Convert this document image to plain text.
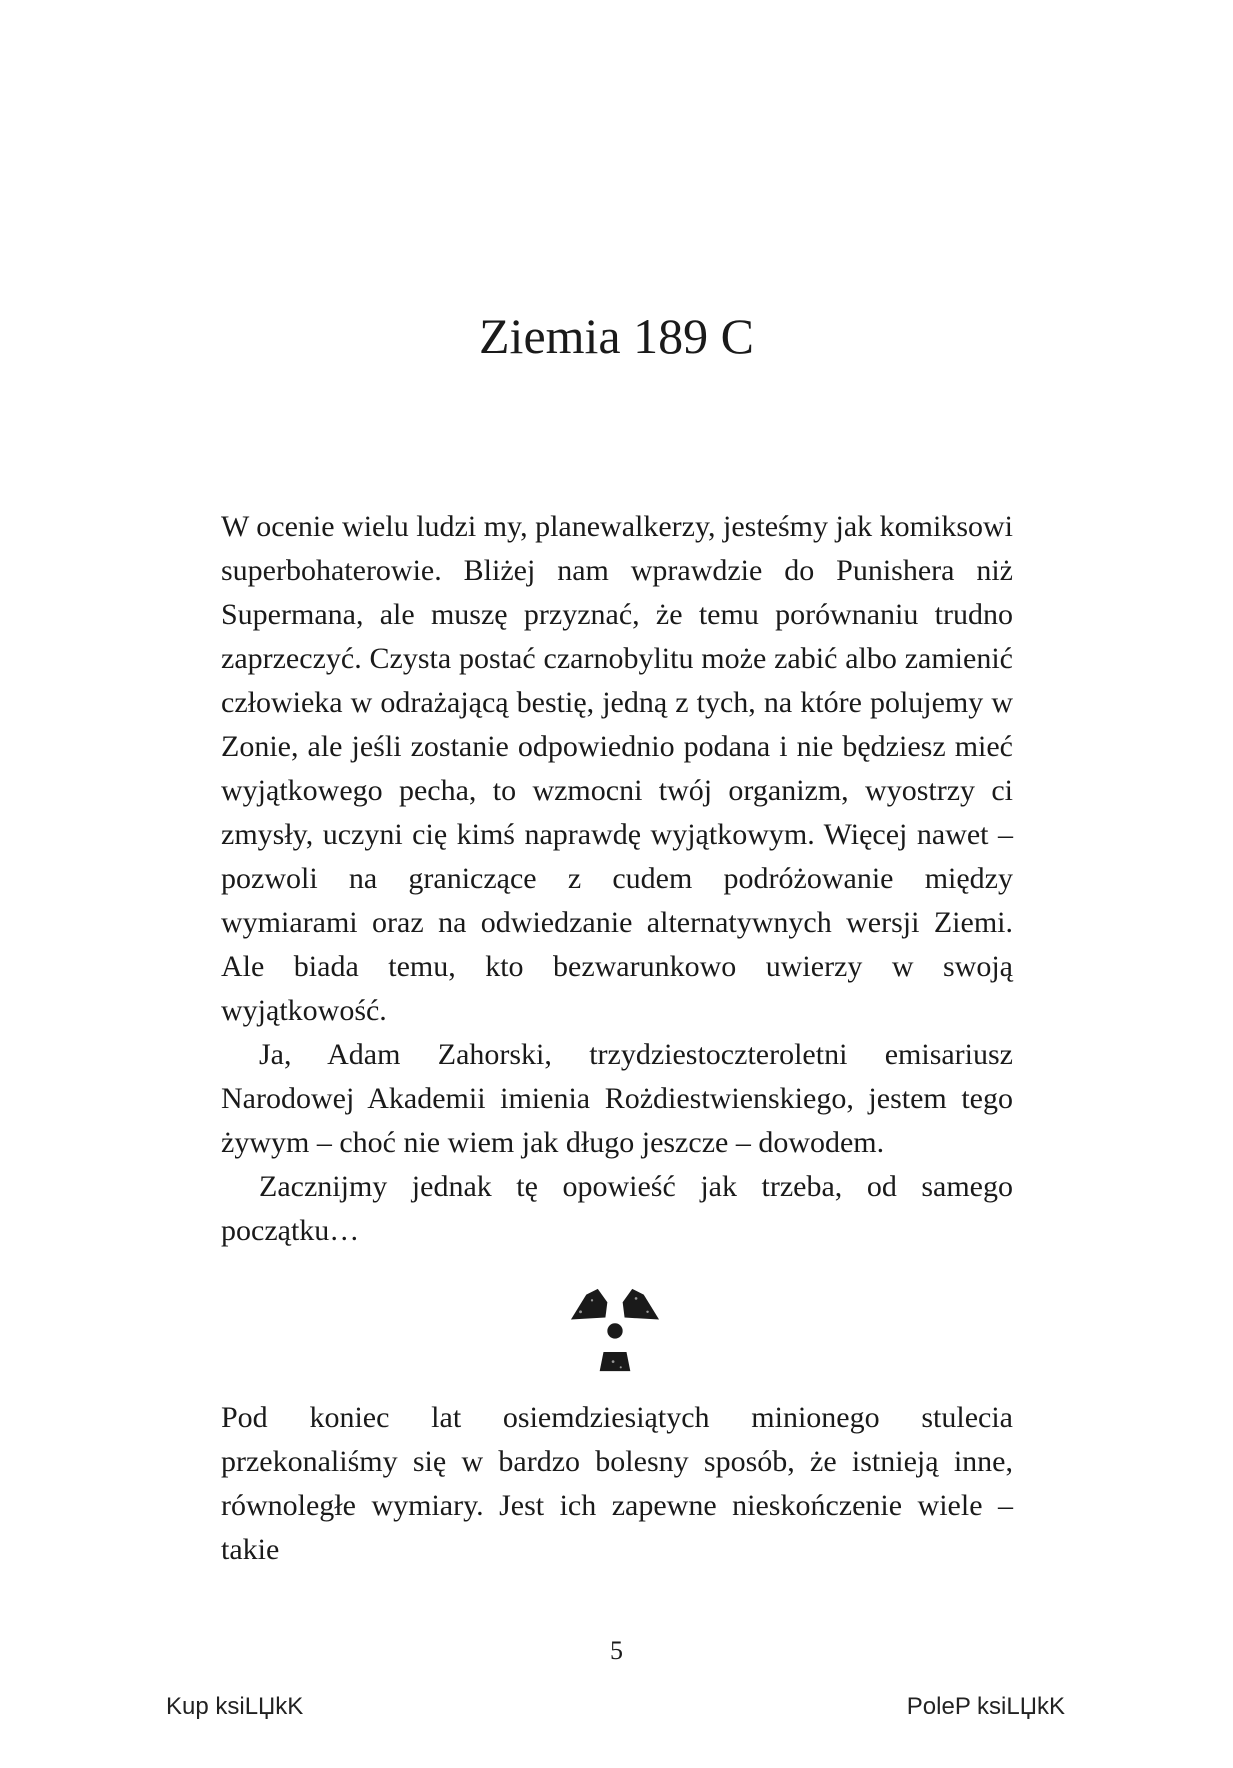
Ziemia 189 C

W ocenie wielu ludzi my, planewalkerzy, jesteśmy jak komiksowi superbohaterowie. Bliżej nam wprawdzie do Punishera niż Supermana, ale muszę przyznać, że temu porównaniu trudno zaprzeczyć. Czysta postać czarnobylitu może zabić albo zamienić człowieka w odrażającą bestię, jedną z tych, na które polujemy w Zonie, ale jeśli zostanie odpowiednio podana i nie będziesz mieć wyjątkowego pecha, to wzmocni twój organizm, wyostrzy ci zmysły, uczyni cię kimś naprawdę wyjątkowym. Więcej nawet – pozwoli na graniczące z cudem podróżowanie między wymiarami oraz na odwiedzanie alternatywnych wersji Ziemi. Ale biada temu, kto bezwarunkowo uwierzy w swoją wyjątkowość.

Ja, Adam Zahorski, trzydziestoczteroletni emisariusz Narodowej Akademii imienia Rożdiestwienskiego, jestem tego żywym – choć nie wiem jak długo jeszcze – dowodem.

Zacznijmy jednak tę opowieść jak trzeba, od samego początku…

Pod koniec lat osiemdziesiątych minionego stulecia przekonaliśmy się w bardzo bolesny sposób, że istnieją inne, równoległe wymiary. Jest ich zapewne nieskończenie wiele – takie

5
Kup ksiLЏkK	PoleP ksiLЏkK
